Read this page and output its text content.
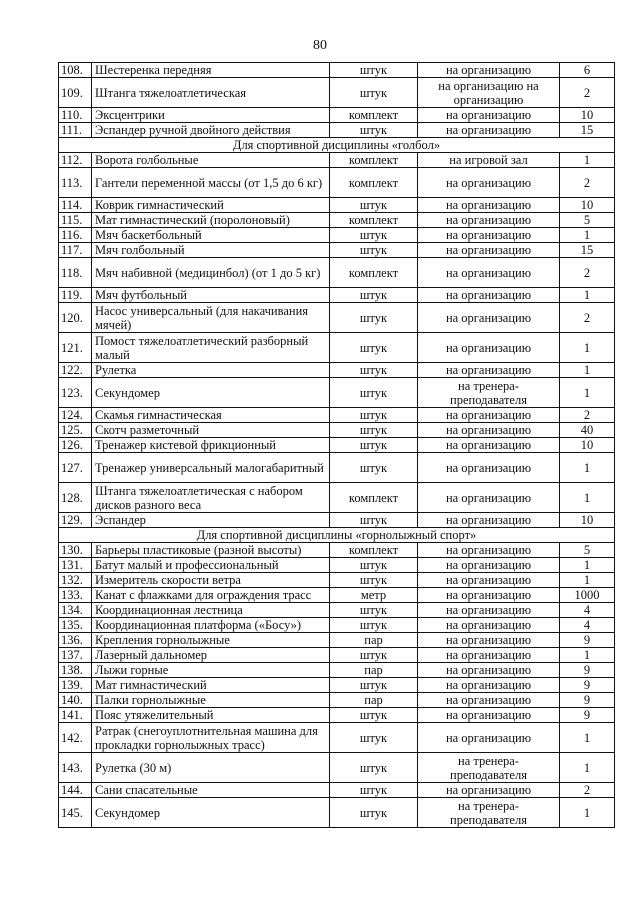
80
108.	Шестеренка передняя	штук	на организацию	6
109.	Штанга тяжелоатлетическая	штук	на организацию на организацию	2
110.	Эксцентрики	комплект	на организацию	10
111.	Эспандер ручной двойного действия	штук	на организацию	15
Для спортивной дисциплины «голбол»				
112.	Ворота голбольные	комплект	на игровой зал	1
113.	Гантели переменной массы (от 1,5 до 6 кг)	комплект	на организацию	2
114.	Коврик гимнастический	штук	на организацию	10
115.	Мат гимнастический (поролоновый)	комплект	на организацию	5
116.	Мяч баскетбольный	штук	на организацию	1
117.	Мяч голбольный	штук	на организацию	15
118.	Мяч набивной (медицинбол) (от 1 до 5 кг)	комплект	на организацию	2
119.	Мяч футбольный	штук	на организацию	1
120.	Насос универсальный (для накачивания мячей)	штук	на организацию	2
121.	Помост тяжелоатлетический разборный малый	штук	на организацию	1
122.	Рулетка	штук	на организацию	1
123.	Секундомер	штук	на тренера-преподавателя	1
124.	Скамья гимнастическая	штук	на организацию	2
125.	Скотч разметочный	штук	на организацию	40
126.	Тренажер кистевой фрикционный	штук	на организацию	10
127.	Тренажер универсальный малогабаритный	штук	на организацию	1
128.	Штанга тяжелоатлетическая с набором дисков разного веса	комплект	на организацию	1
129.	Эспандер	штук	на организацию	10
Для спортивной дисциплины «горнолыжный спорт»				
130.	Барьеры пластиковые (разной высоты)	комплект	на организацию	5
131.	Батут малый и профессиональный	штук	на организацию	1
132.	Измеритель скорости ветра	штук	на организацию	1
133.	Канат с флажками для ограждения трасс	метр	на организацию	1000
134.	Координационная лестница	штук	на организацию	4
135.	Координационная платформа («Босу»)	штук	на организацию	4
136.	Крепления горнолыжные	пар	на организацию	9
137.	Лазерный дальномер	штук	на организацию	1
138.	Лыжи горные	пар	на организацию	9
139.	Мат гимнастический	штук	на организацию	9
140.	Палки горнолыжные	пар	на организацию	9
141.	Пояс утяжелительный	штук	на организацию	9
142.	Ратрак (снегоуплотнительная машина для прокладки горнолыжных трасс)	штук	на организацию	1
143.	Рулетка (30 м)	штук	на тренера-преподавателя	1
144.	Сани спасательные	штук	на организацию	2
145.	Секундомер	штук	на тренера-преподавателя	1
